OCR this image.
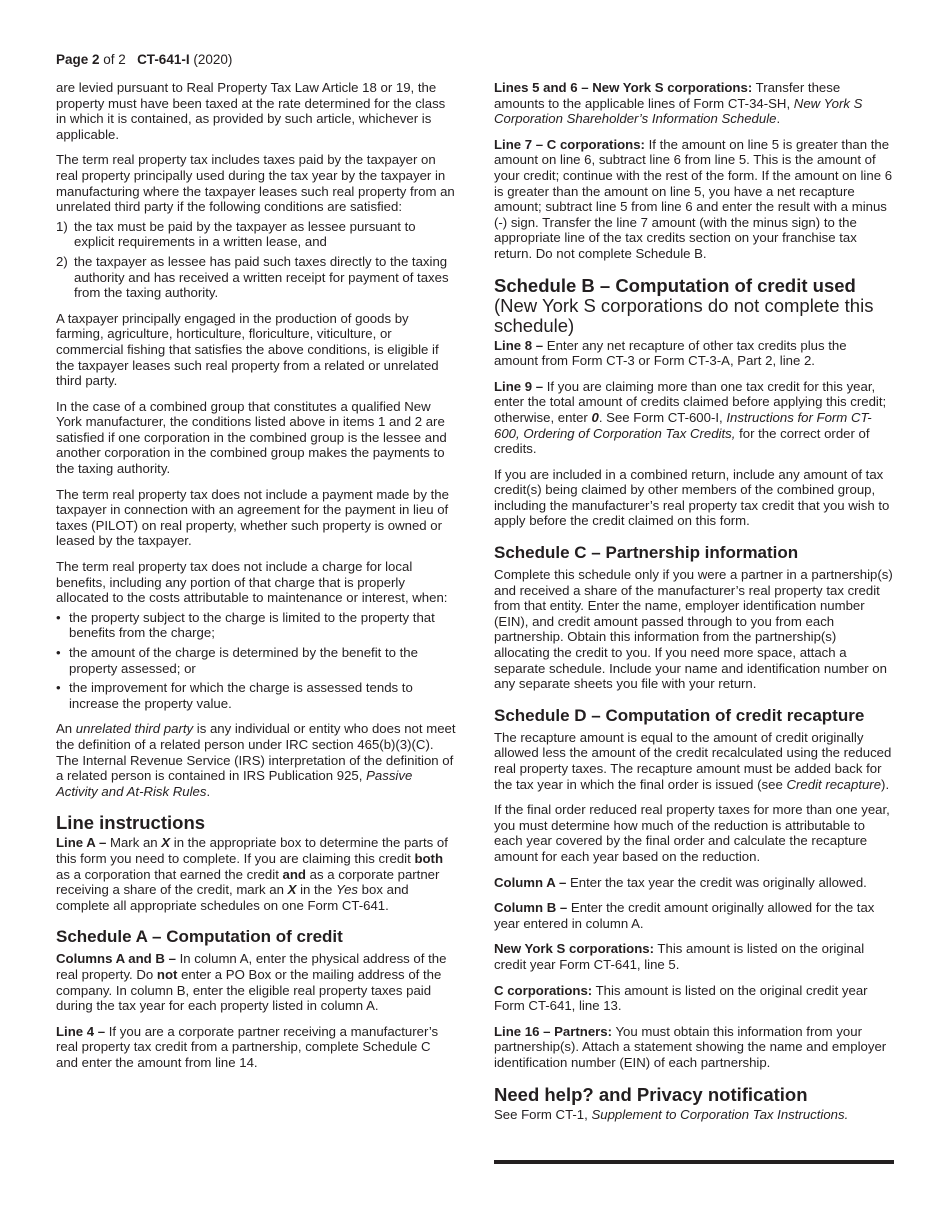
Page 2 of 2   CT-641-I (2020)

are levied pursuant to Real Property Tax Law Article 18 or 19, the property must have been taxed at the rate determined for the class in which it is contained, as provided by such article, whichever is applicable.

The term real property tax includes taxes paid by the taxpayer on real property principally used during the tax year by the taxpayer in manufacturing where the taxpayer leases such real property from an unrelated third party if the following conditions are satisfied:

1) the tax must be paid by the taxpayer as lessee pursuant to explicit requirements in a written lease, and
2) the taxpayer as lessee has paid such taxes directly to the taxing authority and has received a written receipt for payment of taxes from the taxing authority.

A taxpayer principally engaged in the production of goods by farming, agriculture, horticulture, floriculture, viticulture, or commercial fishing that satisfies the above conditions, is eligible if the taxpayer leases such real property from a related or unrelated third party.

In the case of a combined group that constitutes a qualified New York manufacturer, the conditions listed above in items 1 and 2 are satisfied if one corporation in the combined group is the lessee and another corporation in the combined group makes the payments to the taxing authority.

The term real property tax does not include a payment made by the taxpayer in connection with an agreement for the payment in lieu of taxes (PILOT) on real property, whether such property is owned or leased by the taxpayer.

The term real property tax does not include a charge for local benefits, including any portion of that charge that is properly allocated to the costs attributable to maintenance or interest, when:

• the property subject to the charge is limited to the property that benefits from the charge;
• the amount of the charge is determined by the benefit to the property assessed; or
• the improvement for which the charge is assessed tends to increase the property value.

An unrelated third party is any individual or entity who does not meet the definition of a related person under IRC section 465(b)(3)(C). The Internal Revenue Service (IRS) interpretation of the definition of a related person is contained in IRS Publication 925, Passive Activity and At-Risk Rules.

Line instructions

Line A – Mark an X in the appropriate box to determine the parts of this form you need to complete. If you are claiming this credit both as a corporation that earned the credit and as a corporate partner receiving a share of the credit, mark an X in the Yes box and complete all appropriate schedules on one Form CT-641.

Schedule A – Computation of credit

Columns A and B – In column A, enter the physical address of the real property. Do not enter a PO Box or the mailing address of the company. In column B, enter the eligible real property taxes paid during the tax year for each property listed in column A.

Line 4 – If you are a corporate partner receiving a manufacturer’s real property tax credit from a partnership, complete Schedule C and enter the amount from line 14.

Lines 5 and 6 – New York S corporations: Transfer these amounts to the applicable lines of Form CT-34-SH, New York S Corporation Shareholder’s Information Schedule.

Line 7 – C corporations: If the amount on line 5 is greater than the amount on line 6, subtract line 6 from line 5. This is the amount of your credit; continue with the rest of the form. If the amount on line 6 is greater than the amount on line 5, you have a net recapture amount; subtract line 5 from line 6 and enter the result with a minus (-) sign. Transfer the line 7 amount (with the minus sign) to the appropriate line of the tax credits section on your franchise tax return. Do not complete Schedule B.

Schedule B – Computation of credit used (New York S corporations do not complete this schedule)

Line 8 – Enter any net recapture of other tax credits plus the amount from Form CT-3 or Form CT-3-A, Part 2, line 2.

Line 9 – If you are claiming more than one tax credit for this year, enter the total amount of credits claimed before applying this credit; otherwise, enter 0. See Form CT-600-I, Instructions for Form CT-600, Ordering of Corporation Tax Credits, for the correct order of credits.

If you are included in a combined return, include any amount of tax credit(s) being claimed by other members of the combined group, including the manufacturer’s real property tax credit that you wish to apply before the credit claimed on this form.

Schedule C – Partnership information

Complete this schedule only if you were a partner in a partnership(s) and received a share of the manufacturer’s real property tax credit from that entity. Enter the name, employer identification number (EIN), and credit amount passed through to you from each partnership. Obtain this information from the partnership(s) allocating the credit to you. If you need more space, attach a separate schedule. Include your name and identification number on any separate sheets you file with your return.

Schedule D – Computation of credit recapture

The recapture amount is equal to the amount of credit originally allowed less the amount of the credit recalculated using the reduced real property taxes. The recapture amount must be added back for the tax year in which the final order is issued (see Credit recapture).

If the final order reduced real property taxes for more than one year, you must determine how much of the reduction is attributable to each year covered by the final order and calculate the recapture amount for each year based on the reduction.

Column A – Enter the tax year the credit was originally allowed.

Column B – Enter the credit amount originally allowed for the tax year entered in column A.

New York S corporations: This amount is listed on the original credit year Form CT-641, line 5.

C corporations: This amount is listed on the original credit year Form CT-641, line 13.

Line 16 – Partners: You must obtain this information from your partnership(s). Attach a statement showing the name and employer identification number (EIN) of each partnership.

Need help? and Privacy notification

See Form CT-1, Supplement to Corporation Tax Instructions.
